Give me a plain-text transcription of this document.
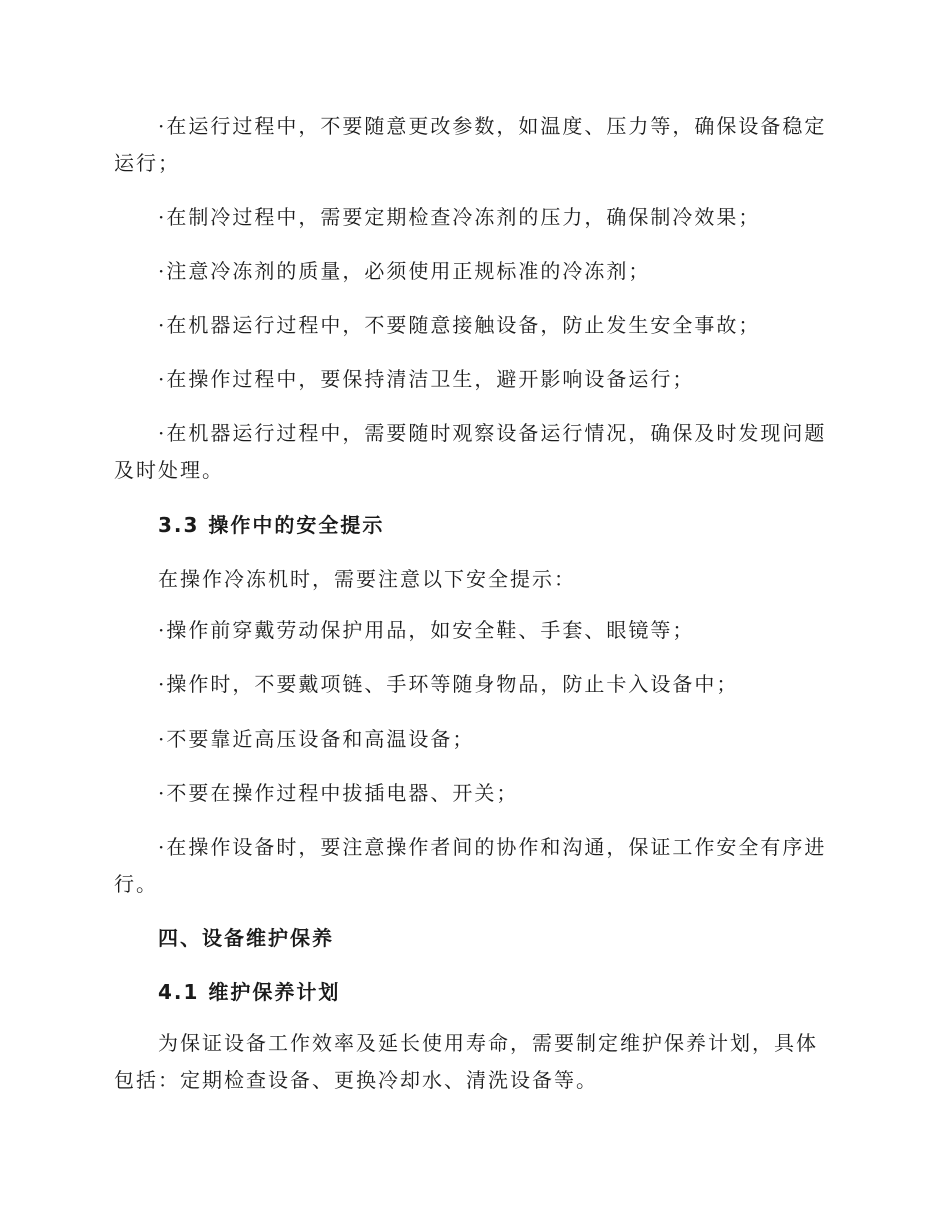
·在运行过程中，不要随意更改参数，如温度、压力等，确保设备稳定运行；

·在制冷过程中，需要定期检查冷冻剂的压力，确保制冷效果；

·注意冷冻剂的质量，必须使用正规标准的冷冻剂；

·在机器运行过程中，不要随意接触设备，防止发生安全事故；

·在操作过程中，要保持清洁卫生，避开影响设备运行；

·在机器运行过程中，需要随时观察设备运行情况，确保及时发现问题及时处理。

3.3 操作中的安全提示

在操作冷冻机时，需要注意以下安全提示：

·操作前穿戴劳动保护用品，如安全鞋、手套、眼镜等；

·操作时，不要戴项链、手环等随身物品，防止卡入设备中；

·不要靠近高压设备和高温设备；

·不要在操作过程中拔插电器、开关；

·在操作设备时，要注意操作者间的协作和沟通，保证工作安全有序进行。

四、设备维护保养

4.1 维护保养计划

为保证设备工作效率及延长使用寿命，需要制定维护保养计划，具体包括：定期检查设备、更换冷却水、清洗设备等。
